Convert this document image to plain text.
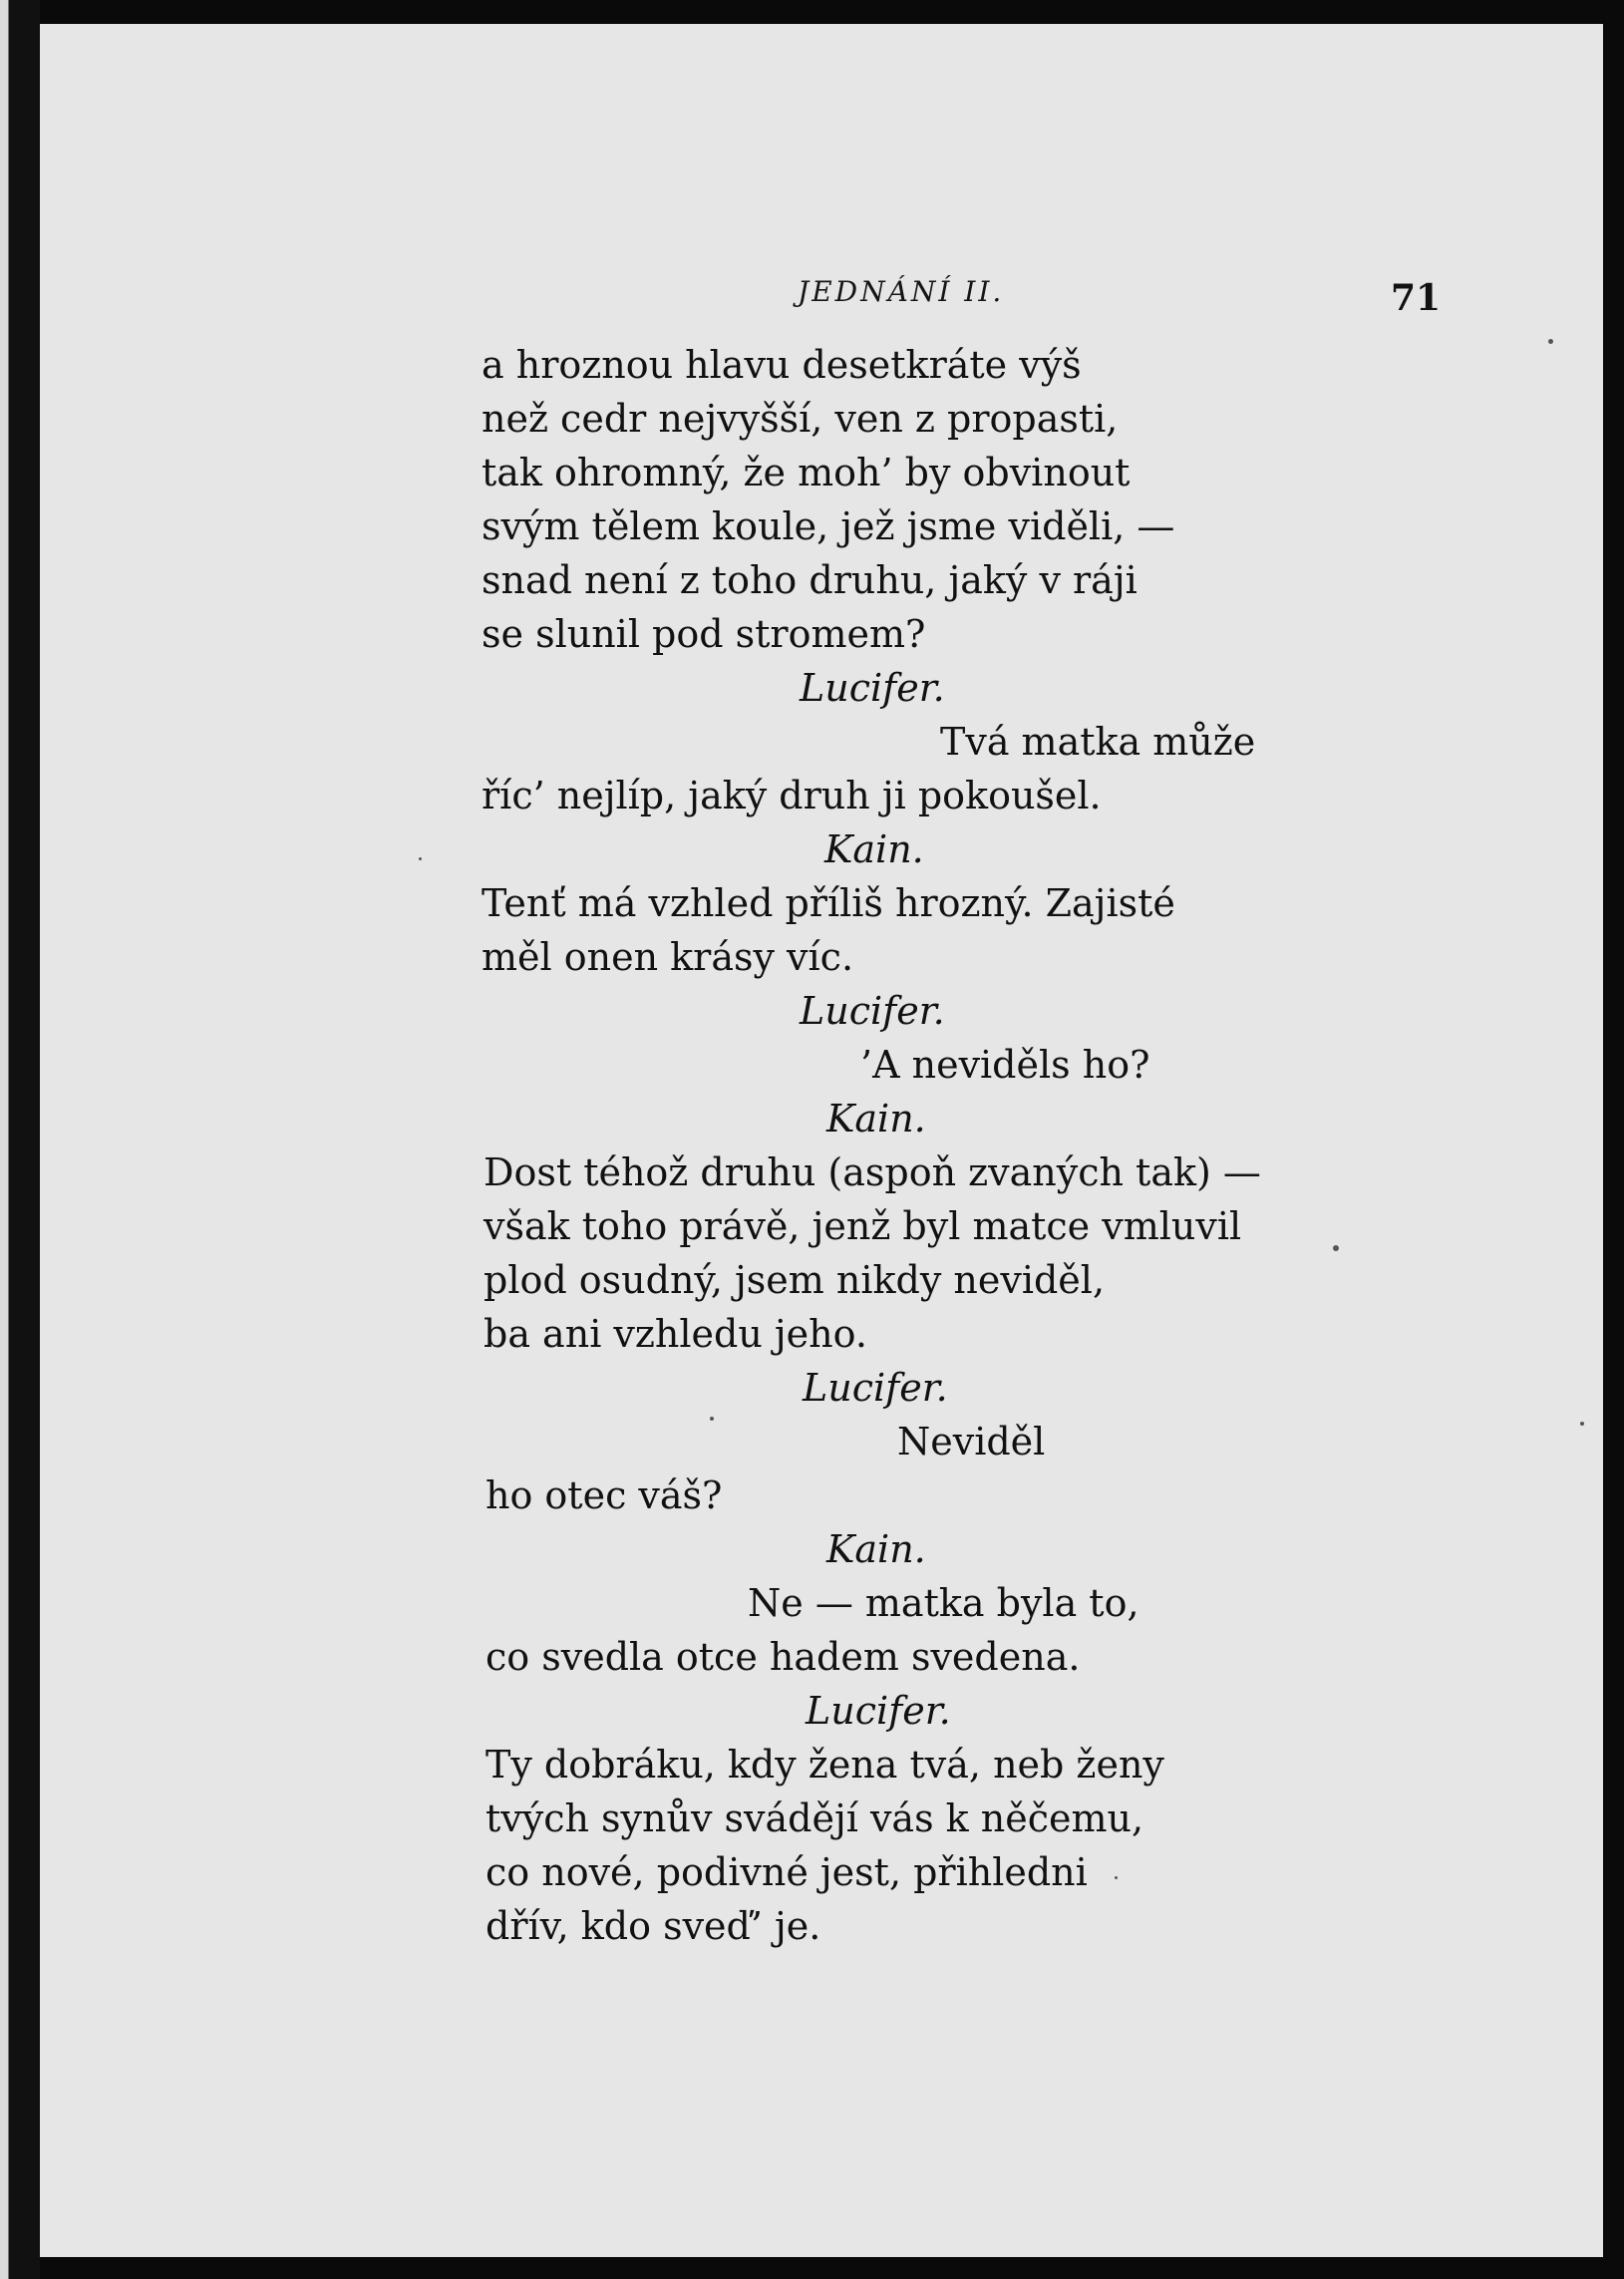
JEDNÁNÍ II.	71
a hroznou hlavu desetkráte výš
než cedr nejvyšší, ven z propasti,
tak ohromný, že moh’ by obvinout
svým tělem koule, jež jsme viděli, —
snad není z toho druhu, jaký v ráji
se slunil pod stromem?
Lucifer.
Tvá matka může
říc’ nejlíp, jaký druh ji pokoušel.
Kain.
Tenť má vzhled příliš hrozný. Zajisté
měl onen krásy víc.
Lucifer.
’A neviděls ho?
Kain.
Dost téhož druhu (aspoň zvaných tak) —
však toho právě, jenž byl matce vmluvil
plod osudný, jsem nikdy neviděl,
ba ani vzhledu jeho.
Lucifer.
Neviděl
ho otec váš?
Kain.
Ne — matka byla to,
co svedla otce hadem svedena.
Lucifer.
Ty dobráku, kdy žena tvá, neb ženy
tvých synův svádějí vás k něčemu,
co nové, podivné jest, přihledni
dřív, kdo sveď’ je.
